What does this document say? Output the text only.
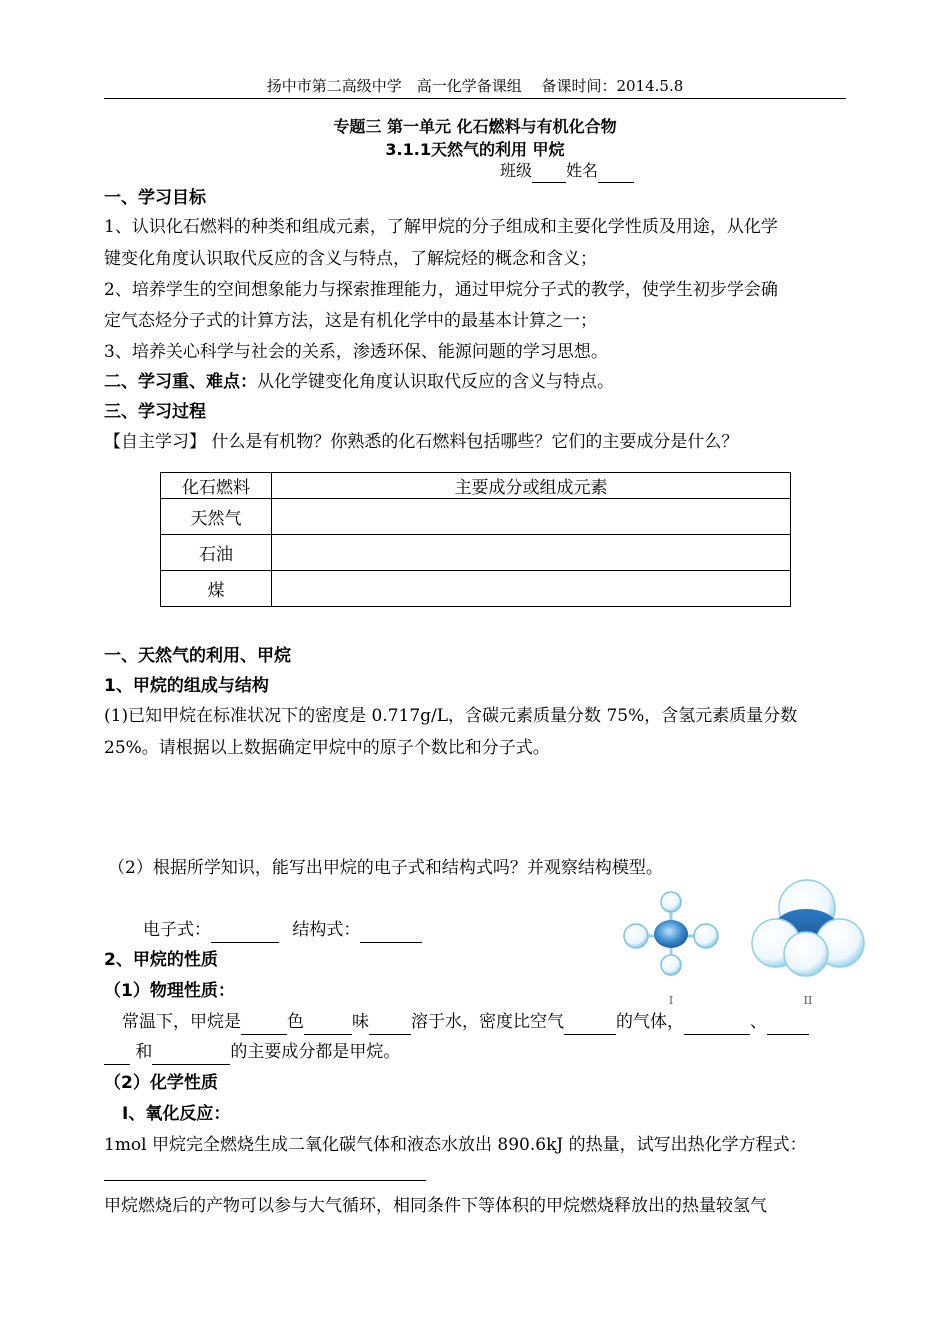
扬中市第二高级中学　高一化学备课组　 备课时间：2014.5.8
专题三 第一单元 化石燃料与有机化合物
3.1.1天然气的利用 甲烷
班级 姓名
一、学习目标
1、认识化石燃料的种类和组成元素，了解甲烷的分子组成和主要化学性质及用途，从化学
键变化角度认识取代反应的含义与特点，了解烷烃的概念和含义；
2、培养学生的空间想象能力与探索推理能力，通过甲烷分子式的教学，使学生初步学会确
定气态烃分子式的计算方法，这是有机化学中的最基本计算之一；
3、培养关心科学与社会的关系，渗透环保、能源问题的学习思想。
二、学习重、难点：从化学键变化角度认识取代反应的含义与特点。
三、学习过程
【自主学习】 什么是有机物？你熟悉的化石燃料包括哪些？它们的主要成分是什么？
化石燃料	主要成分或组成元素
天然气	
石油	
煤	
一、天然气的利用、甲烷
1、甲烷的组成与结构
(1)已知甲烷在标准状况下的密度是 0.717g/L，含碳元素质量分数 75%，含氢元素质量分数
25%。请根据以上数据确定甲烷中的原子个数比和分子式。
（2）根据所学知识，能写出甲烷的电子式和结构式吗？并观察结构模型。
电子式：	结构式：
I	II
2、甲烷的性质
（1）物理性质：
常温下，甲烷是	色	味 溶于水，密度比空气	的气体，	、
和	的主要成分都是甲烷。
（2）化学性质
I、氧化反应：
1mol 甲烷完全燃烧生成二氧化碳气体和液态水放出 890.6kJ 的热量，试写出热化学方程式：
甲烷燃烧后的产物可以参与大气循环，相同条件下等体积的甲烷燃烧释放出的热量较氢气
